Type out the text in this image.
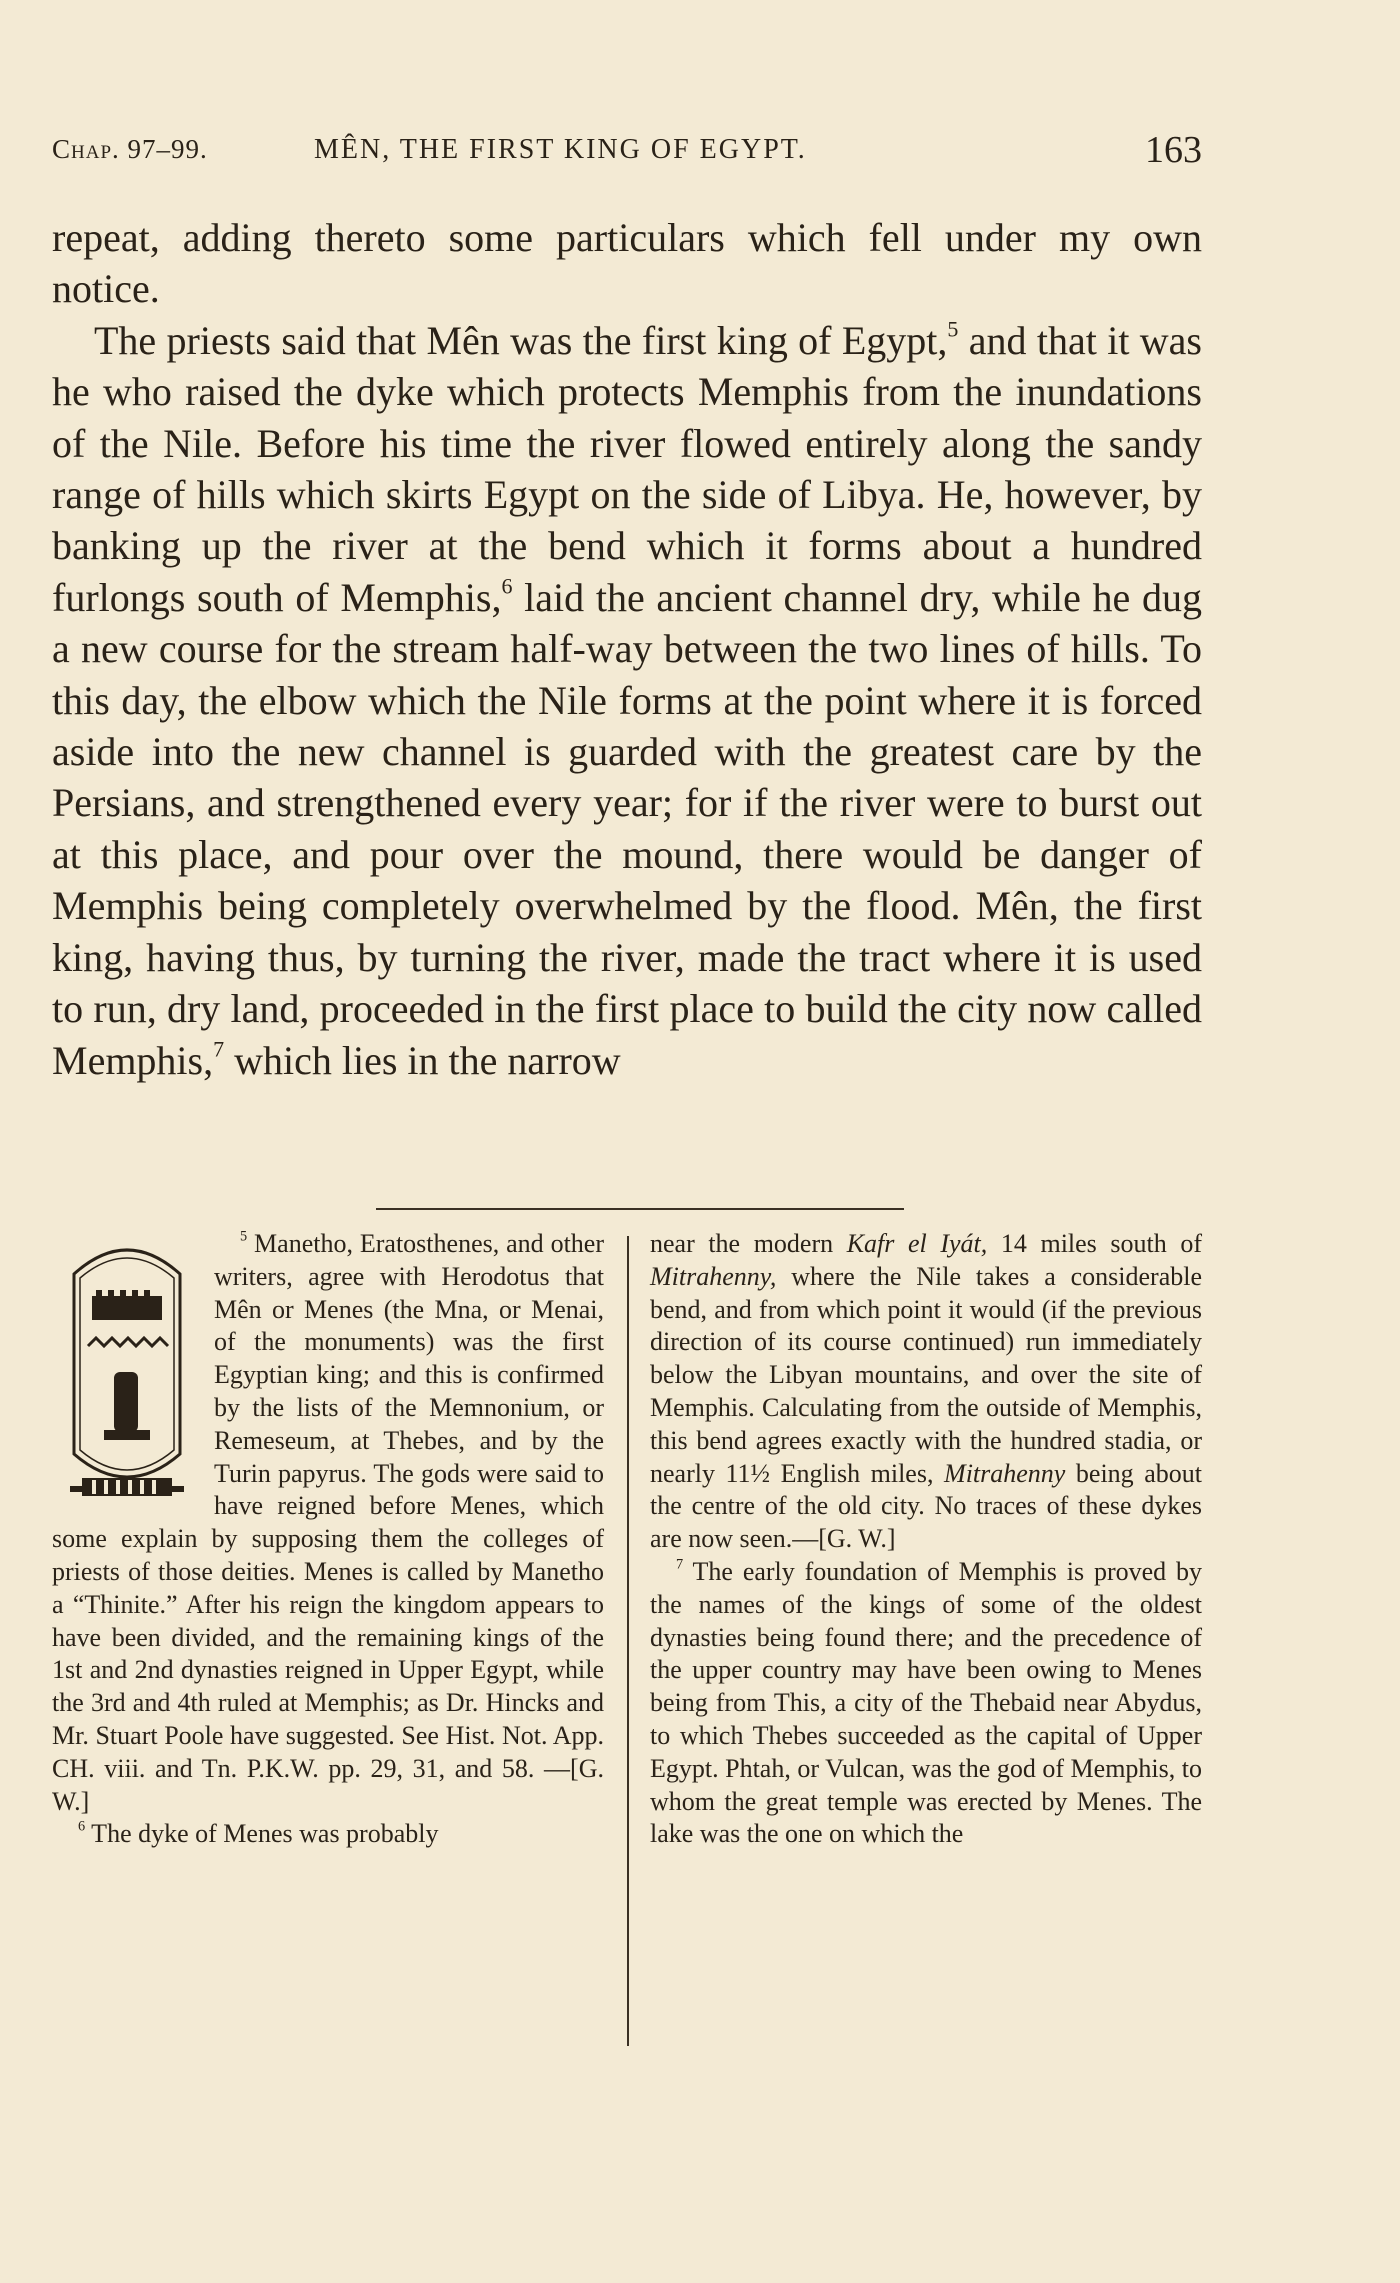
Chap. 97–99.	MÊN, THE FIRST KING OF EGYPT.	163

repeat, adding thereto some particulars which fell under my own notice.

The priests said that Mên was the first king of Egypt,$^5$ and that it was he who raised the dyke which protects Memphis from the inundations of the Nile. Before his time the river flowed entirely along the sandy range of hills which skirts Egypt on the side of Libya. He, however, by banking up the river at the bend which it forms about a hundred furlongs south of Memphis,$^6$ laid the ancient channel dry, while he dug a new course for the stream half-way between the two lines of hills. To this day, the elbow which the Nile forms at the point where it is forced aside into the new channel is guarded with the greatest care by the Persians, and strengthened every year; for if the river were to burst out at this place, and pour over the mound, there would be danger of Memphis being completely overwhelmed by the flood. Mên, the first king, having thus, by turning the river, made the tract where it is used to run, dry land, proceeded in the first place to build the city now called Memphis,$^7$ which lies in the narrow

$^5$ Manetho, Eratosthenes, and other writers, agree with Herodotus that Mên or Menes (the Mna, or Menai, of the monuments) was the first Egyptian king; and this is confirmed by the lists of the Memnonium, or Remeseum, at Thebes, and by the Turin papyrus. The gods were said to have reigned before Menes, which some explain by supposing them the colleges of priests of those deities. Menes is called by Manetho a “Thinite.” After his reign the kingdom appears to have been divided, and the remaining kings of the 1st and 2nd dynasties reigned in Upper Egypt, while the 3rd and 4th ruled at Memphis; as Dr. Hincks and Mr. Stuart Poole have suggested. See Hist. Not. App. CH. viii. and Tn. P.K.W. pp. 29, 31, and 58. —[G. W.]

$^6$ The dyke of Menes was probably

near the modern Kafr el Iyát, 14 miles south of Mitrahenny, where the Nile takes a considerable bend, and from which point it would (if the previous direction of its course continued) run immediately below the Libyan mountains, and over the site of Memphis. Calculating from the outside of Memphis, this bend agrees exactly with the hundred stadia, or nearly 11½ English miles, Mitrahenny being about the centre of the old city. No traces of these dykes are now seen.—[G. W.]

$^7$ The early foundation of Memphis is proved by the names of the kings of some of the oldest dynasties being found there; and the precedence of the upper country may have been owing to Menes being from This, a city of the Thebaid near Abydus, to which Thebes succeeded as the capital of Upper Egypt. Phtah, or Vulcan, was the god of Memphis, to whom the great temple was erected by Menes. The lake was the one on which the
